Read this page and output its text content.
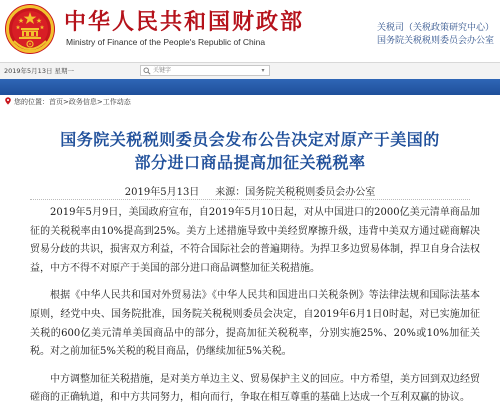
中华人民共和国财政部
Ministry of Finance of the People's Republic of China
关税司（关税政策研究中心）
国务院关税税则委员会办公室
2019年5月13日 星期一
关键字	▾
您的位置：首页>政务信息>工作动态
国务院关税税则委员会发布公告决定对原产于美国的
部分进口商品提高加征关税税率
2019年5月13日 来源：国务院关税税则委员会办公室

2019年5月9日，美国政府宣布，自2019年5月10日起，对从中国进口的2000亿美元清单商品加征的关税税率由10%提高到25%。美方上述措施导致中美经贸摩擦升级，违背中美双方通过磋商解决贸易分歧的共识，损害双方利益，不符合国际社会的普遍期待。为捍卫多边贸易体制，捍卫自身合法权益，中方不得不对原产于美国的部分进口商品调整加征关税措施。

根据《中华人民共和国对外贸易法》《中华人民共和国进出口关税条例》等法律法规和国际法基本原则，经党中央、国务院批准，国务院关税税则委员会决定，自2019年6月1日0时起，对已实施加征关税的600亿美元清单美国商品中的部分，提高加征关税税率，分别实施25%、20%或10%加征关税。对之前加征5%关税的税目商品，仍继续加征5%关税。

中方调整加征关税措施，是对美方单边主义、贸易保护主义的回应。中方希望，美方回到双边经贸磋商的正确轨道，和中方共同努力，相向而行，争取在相互尊重的基础上达成一个互利双赢的协议。
